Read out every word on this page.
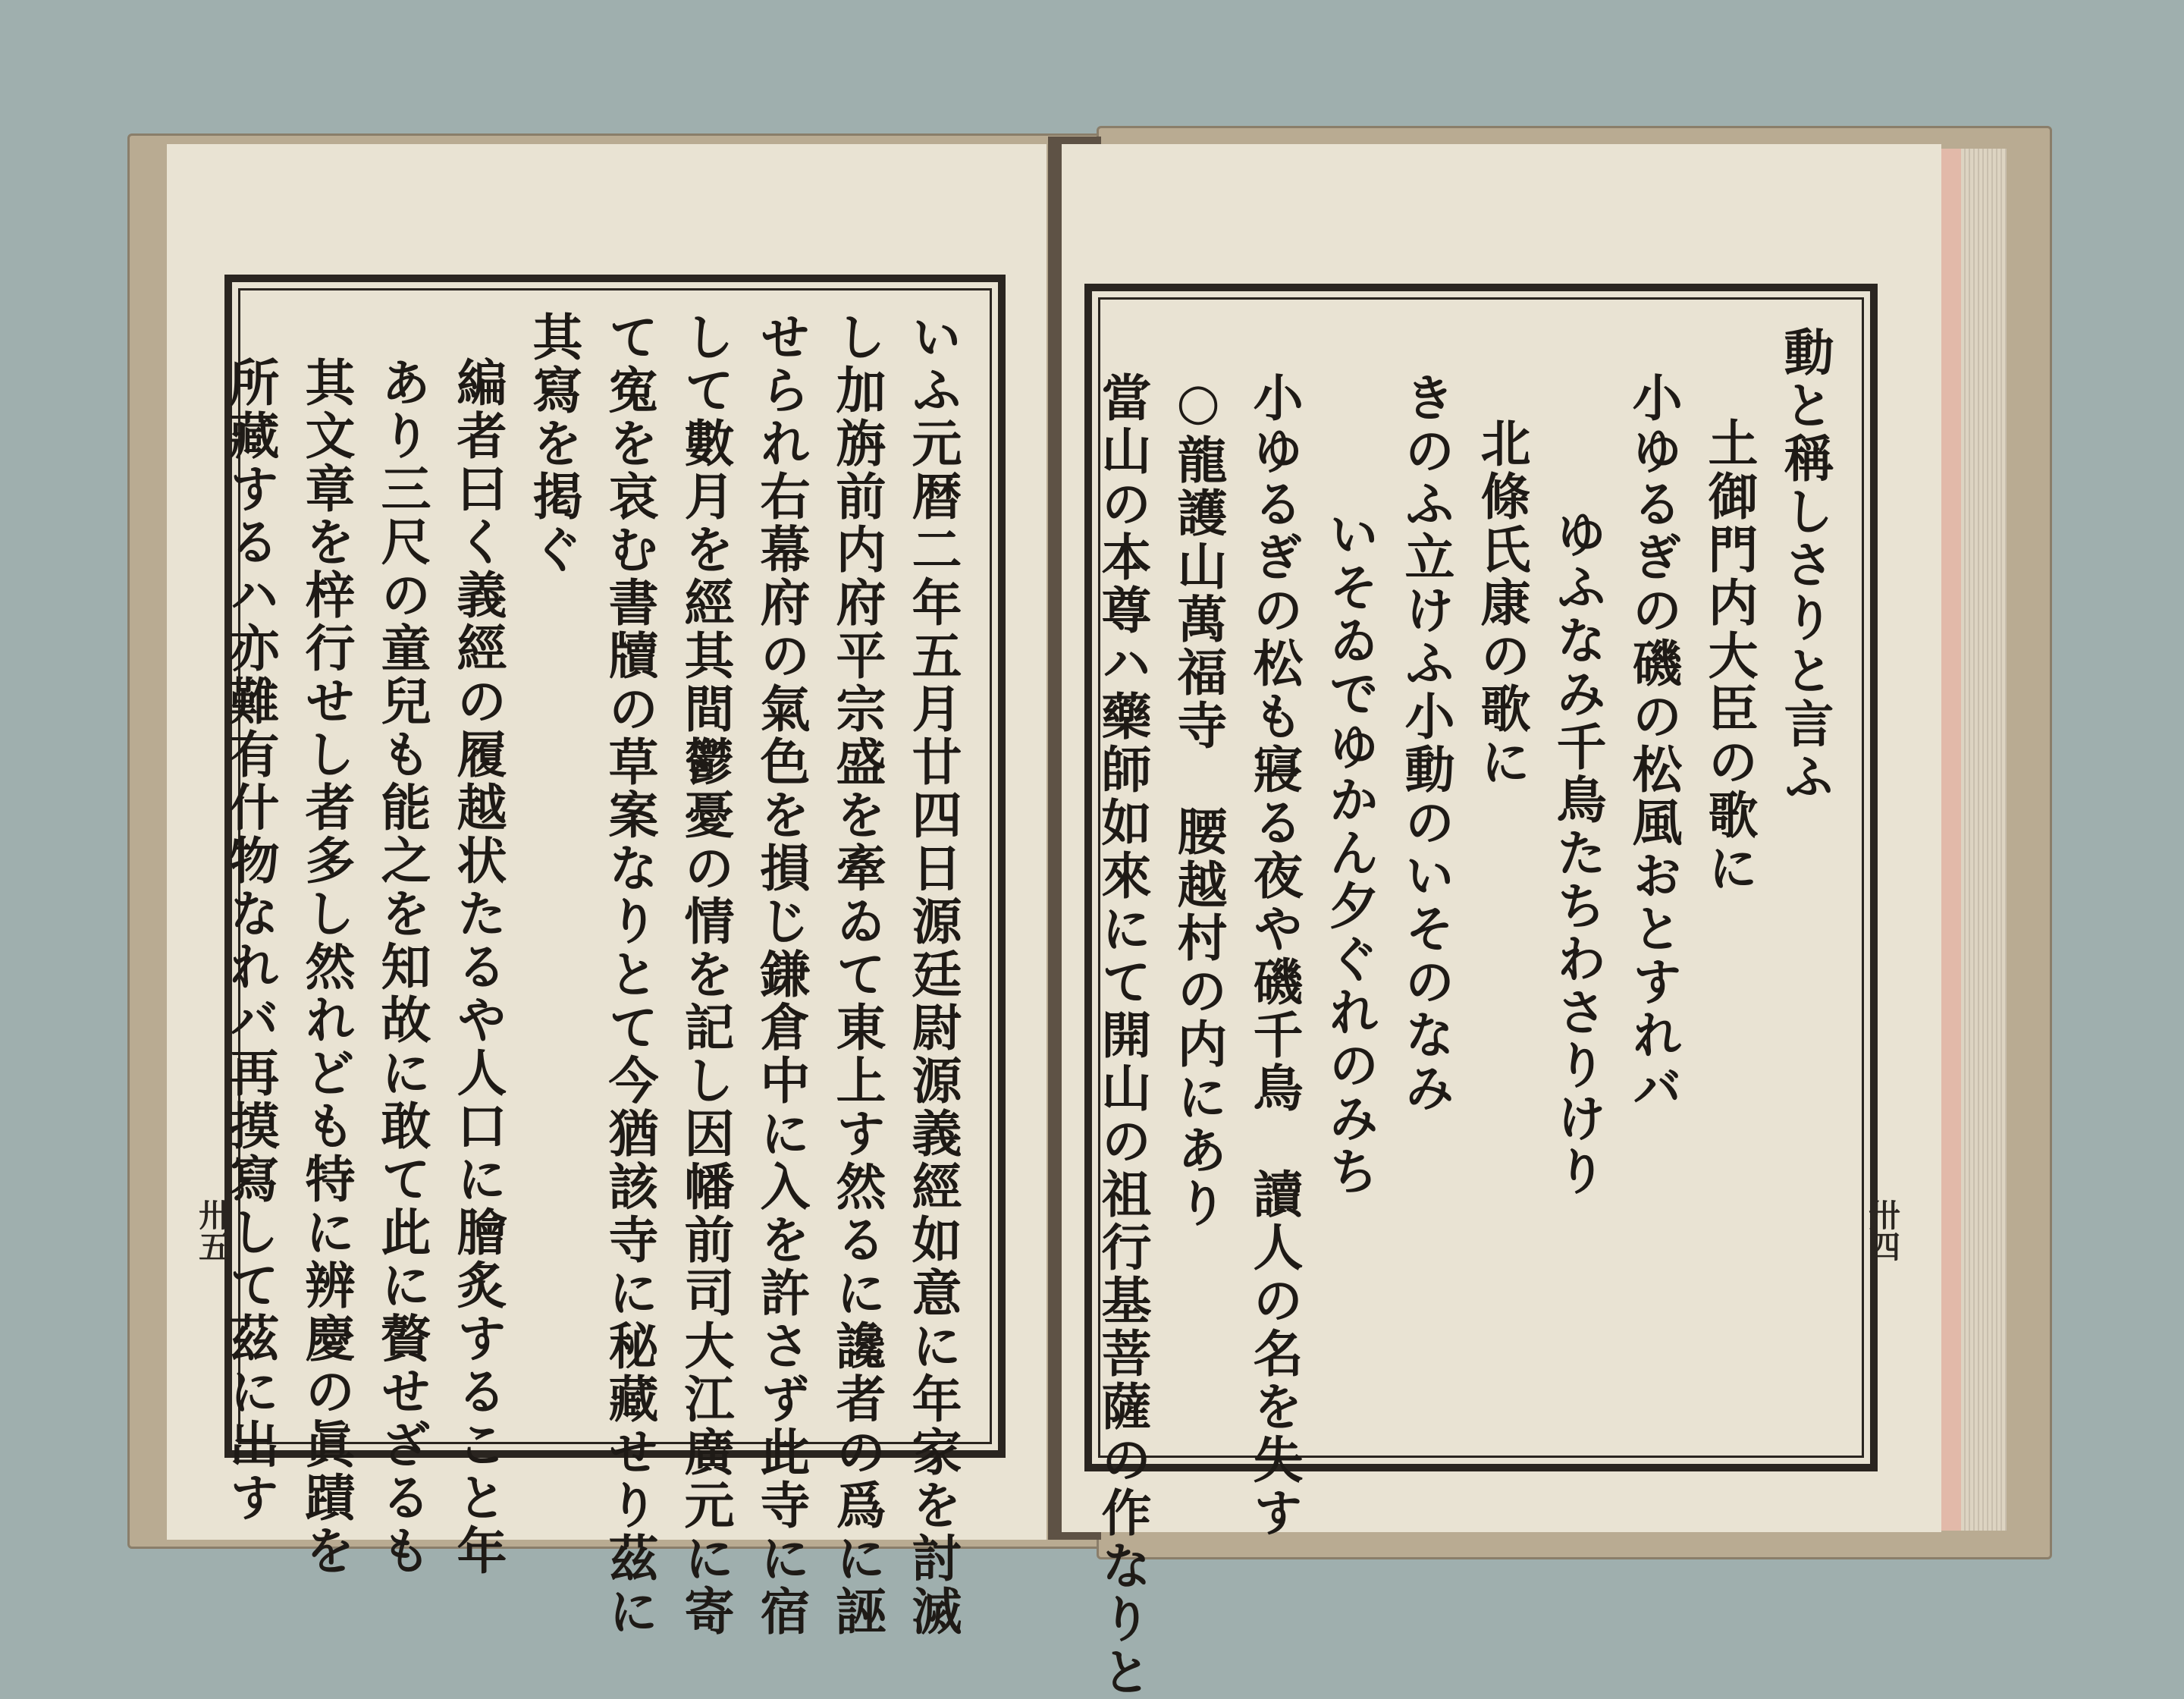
いふ元暦二年五月廿四日源廷尉源義經如意に年家を討滅
し加旃前内府平宗盛を牽ゐて東上す然るに讒者の爲に誣
せられ右幕府の氣色を損じ鎌倉中に入を許さず此寺に宿
して數月を經其間鬱憂の情を記し因幡前司大江廣元に寄
て寃を哀む書牘の草案なりとて今猶該寺に秘藏せり茲に
其寫を掲ぐ
編者曰く義經の履越状たるや人口に膾炙すること年
あり三尺の童兒も能之を知故に敢て此に贅せざるも
其文章を梓行せし者多し然れども特に辨慶の眞蹟を
所藏するハ亦難有什物なれバ再摸寫して茲に出す	動と稱しさりと言ふ
土御門内大臣の歌に
小ゆるぎの磯の松風おとすれバ
ゆふなみ千鳥たちわさりけり
北條氏康の歌に
きのふ立けふ小動のいそのなみ
いそゐでゆかん夕ぐれのみち
小ゆるぎの松も寢る夜や磯千鳥　讀人の名を失す
○龍護山萬福寺　腰越村の内にあり
當山の本尊ハ藥師如來にて開山の祖行基菩薩の作なりと
卅五	卅四
